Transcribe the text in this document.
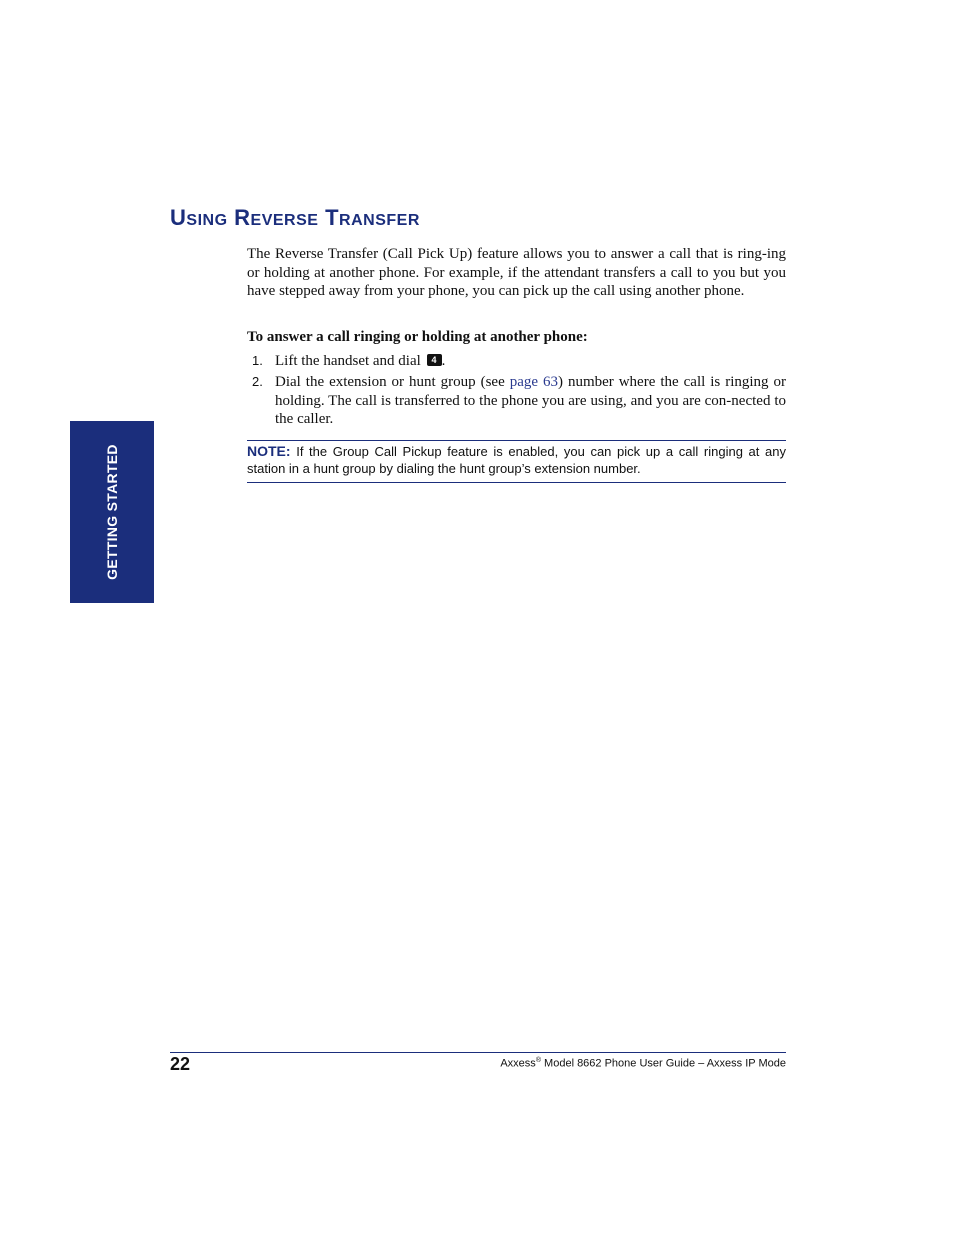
USING REVERSE TRANSFER

The Reverse Transfer (Call Pick Up) feature allows you to answer a call that is ring-ing or holding at another phone. For example, if the attendant transfers a call to you but you have stepped away from your phone, you can pick up the call using another phone.

To answer a call ringing or holding at another phone:

1. Lift the handset and dial 4 .
2. Dial the extension or hunt group (see page 63) number where the call is ringing or holding. The call is transferred to the phone you are using, and you are con-nected to the caller.
NOTE: If the Group Call Pickup feature is enabled, you can pick up a call ringing at any station in a hunt group by dialing the hunt group’s extension number.
GETTING STARTED
22	Axxess® Model 8662 Phone User Guide – Axxess IP Mode
